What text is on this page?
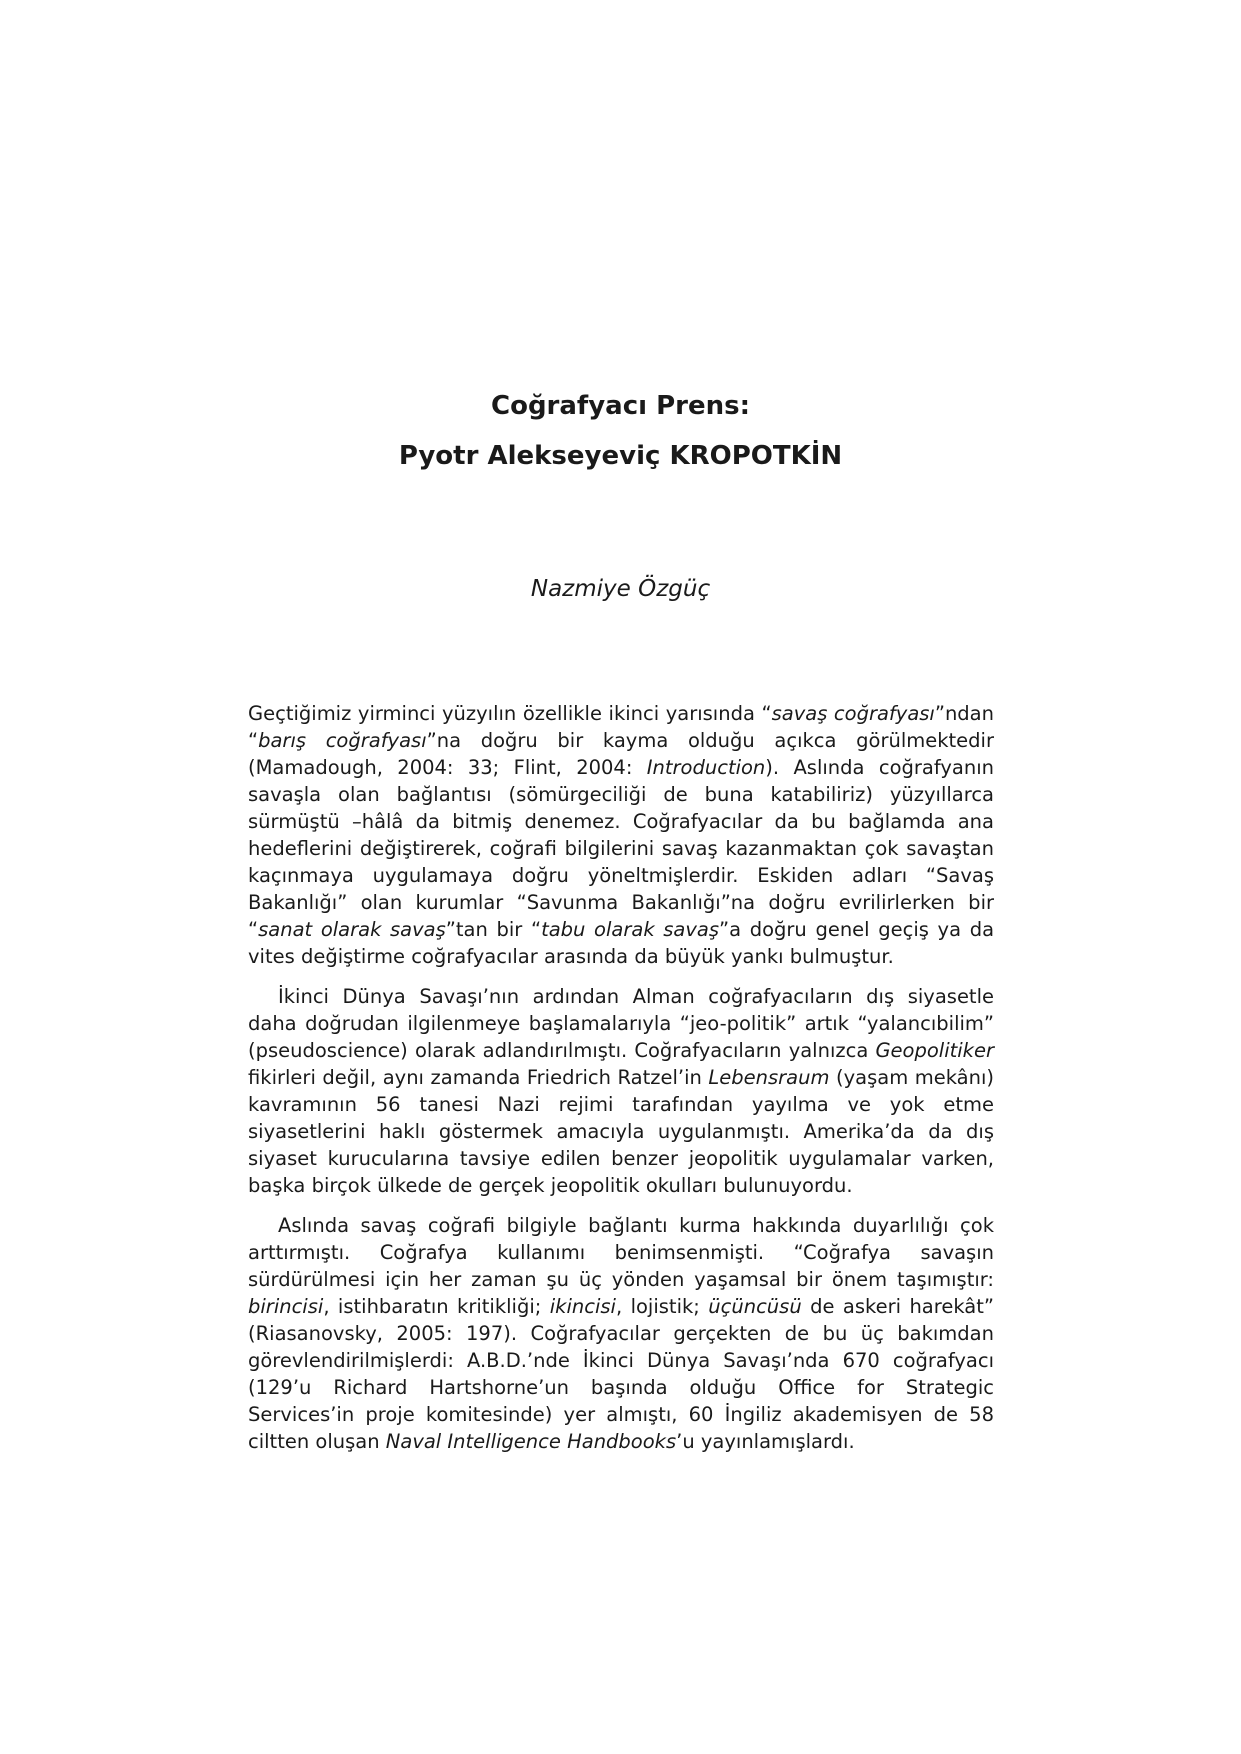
Coğrafyacı Prens:
Pyotr Alekseyeviç KROPOTKİN
Nazmiye Özgüç

Geçtiğimiz yirminci yüzyılın özellikle ikinci yarısında “savaş coğrafyası”ndan “barış coğrafyası”na doğru bir kayma olduğu açıkca görülmektedir (Mamadough, 2004: 33; Flint, 2004: Introduction). Aslında coğrafyanın savaşla olan bağlantısı (sömürgeciliği de buna katabiliriz) yüzyıllarca sürmüştü –hâlâ da bitmiş denemez. Coğrafyacılar da bu bağlamda ana hedeflerini değiştirerek, coğrafi bilgilerini savaş kazanmaktan çok savaştan kaçınmaya uygulamaya doğru yöneltmişlerdir. Eskiden adları “Savaş Bakanlığı” olan kurumlar “Savunma Bakanlığı”na doğru evrilirlerken bir “sanat olarak savaş”tan bir “tabu olarak savaş”a doğru genel geçiş ya da vites değiştirme coğrafyacılar arasında da büyük yankı bulmuştur.

İkinci Dünya Savaşı’nın ardından Alman coğrafyacıların dış siyasetle daha doğrudan ilgilenmeye başlamalarıyla “jeo-politik” artık “yalancıbilim” (pseudoscience) olarak adlandırılmıştı. Coğrafyacıların yalnızca Geopolitiker fikirleri değil, aynı zamanda Friedrich Ratzel’in Lebensraum (yaşam mekânı) kavramının 56 tanesi Nazi rejimi tarafından yayılma ve yok etme siyasetlerini haklı göstermek amacıyla uygulanmıştı. Amerika’da da dış siyaset kurucularına tavsiye edilen benzer jeopolitik uygulamalar varken, başka birçok ülkede de gerçek jeopolitik okulları bulunuyordu.

Aslında savaş coğrafi bilgiyle bağlantı kurma hakkında duyarlılığı çok arttırmıştı. Coğrafya kullanımı benimsenmişti. “Coğrafya savaşın sürdürülmesi için her zaman şu üç yönden yaşamsal bir önem taşımıştır: birincisi, istihbaratın kritikliği; ikincisi, lojistik; üçüncüsü de askeri harekât” (Riasanovsky, 2005: 197). Coğrafyacılar gerçekten de bu üç bakımdan görevlendirilmişlerdi: A.B.D.’nde İkinci Dünya Savaşı’nda 670 coğrafyacı (129’u Richard Hartshorne’un başında olduğu Office for Strategic Services’in proje komitesinde) yer almıştı, 60 İngiliz akademisyen de 58 ciltten oluşan Naval Intelligence Handbooks’u yayınlamışlardı.
